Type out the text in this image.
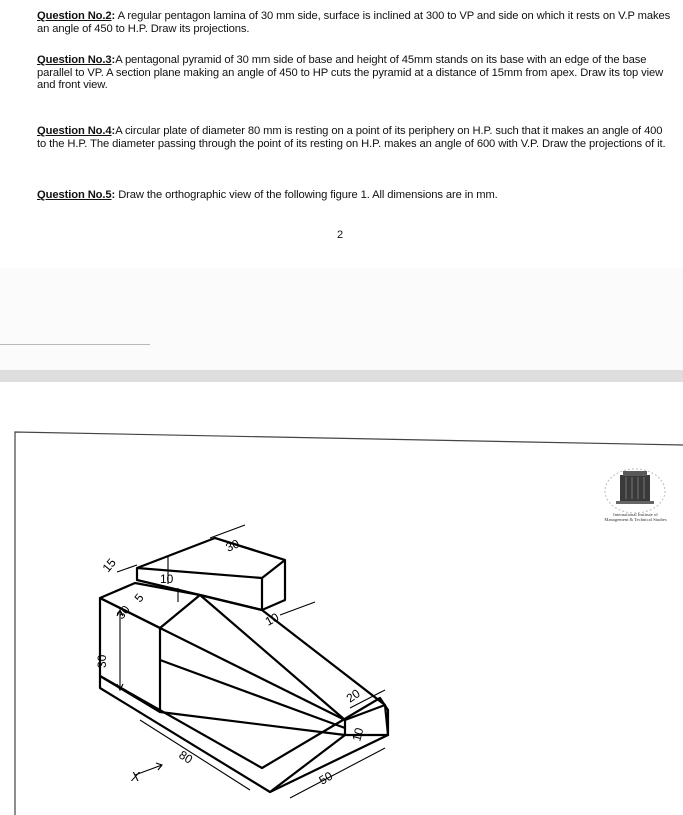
Question No.2: A regular pentagon lamina of 30 mm side, surface is inclined at 300 to VP and side on which it rests on V.P makes an angle of 450 to H.P. Draw its projections.
Question No.3:A pentagonal pyramid of 30 mm side of base and height of 45mm stands on its base with an edge of the base parallel to VP. A section plane making an angle of 450 to HP cuts the pyramid at a distance of 15mm from apex. Draw its top view and front view.
Question No.4:A circular plate of diameter 80 mm is resting on a point of its periphery on H.P. such that it makes an angle of 400 to the H.P. The diameter passing through the point of its resting on H.P. makes an angle of 600 with V.P. Draw the projections of it.
Question No.5: Draw the orthographic view of the following figure 1. All dimensions are in mm.
2
10
30
15
5
30
30
10
20
10
80
50
X
International Institute of
Management & Technical Studies
